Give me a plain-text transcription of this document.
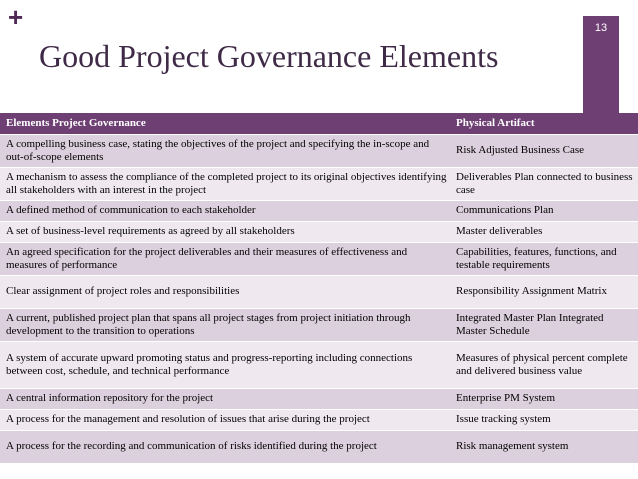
+
Good Project Governance Elements
13
Elements Project Governance	Physical Artifact
A compelling business case, stating the objectives of the project and specifying the in-scope and out-of-scope elements	Risk Adjusted Business Case
A mechanism to assess the compliance of the completed project to its original objectives identifying all stakeholders with an interest in the project	Deliverables Plan connected to business case
A defined method of communication to each stakeholder	Communications Plan
A set of business-level requirements as agreed by all stakeholders	Master deliverables
An agreed specification for the project deliverables and their measures of effectiveness and measures of performance	Capabilities, features, functions, and testable requirements
Clear assignment of project roles and responsibilities	Responsibility Assignment Matrix
A current, published project plan that spans all project stages from project initiation through development to the transition to operations	Integrated Master Plan Integrated Master Schedule
A system of accurate upward promoting status and progress-reporting including connections between cost, schedule, and technical performance	Measures of physical percent complete and delivered business value
A central information repository for the project	Enterprise PM System
A process for the management and resolution of issues that arise during the project	Issue tracking system
A process for the recording and communication of risks identified during the project	Risk management system
